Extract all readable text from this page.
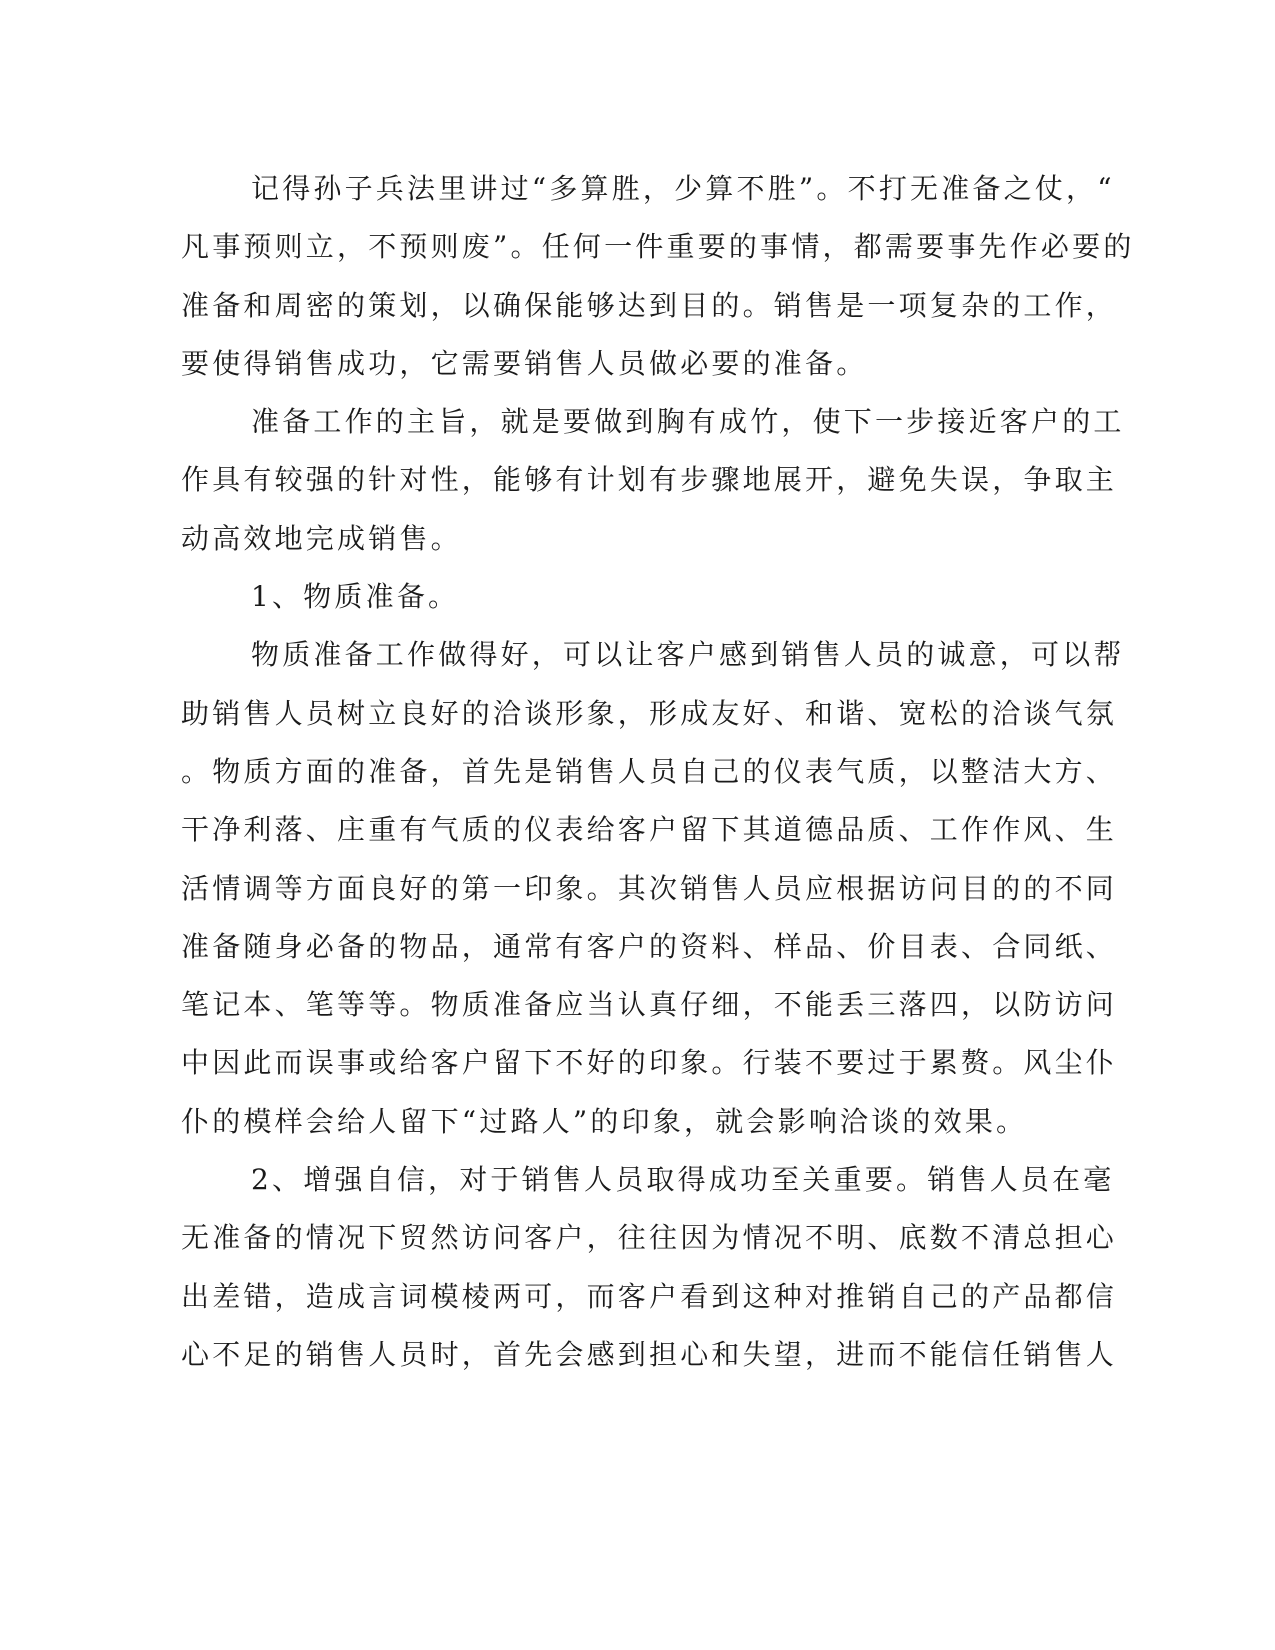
记得孙子兵法里讲过“多算胜，少算不胜”。不打无准备之仗，“
凡事预则立，不预则废”。任何一件重要的事情，都需要事先作必要的
准备和周密的策划，以确保能够达到目的。销售是一项复杂的工作，
要使得销售成功，它需要销售人员做必要的准备。
准备工作的主旨，就是要做到胸有成竹，使下一步接近客户的工
作具有较强的针对性，能够有计划有步骤地展开，避免失误，争取主
动高效地完成销售。
1、物质准备。
物质准备工作做得好，可以让客户感到销售人员的诚意，可以帮
助销售人员树立良好的洽谈形象，形成友好、和谐、宽松的洽谈气氛
。物质方面的准备，首先是销售人员自己的仪表气质，以整洁大方、
干净利落、庄重有气质的仪表给客户留下其道德品质、工作作风、生
活情调等方面良好的第一印象。其次销售人员应根据访问目的的不同
准备随身必备的物品，通常有客户的资料、样品、价目表、合同纸、
笔记本、笔等等。物质准备应当认真仔细，不能丢三落四，以防访问
中因此而误事或给客户留下不好的印象。行装不要过于累赘。风尘仆
仆的模样会给人留下“过路人”的印象，就会影响洽谈的效果。
2、增强自信，对于销售人员取得成功至关重要。销售人员在毫
无准备的情况下贸然访问客户，往往因为情况不明、底数不清总担心
出差错，造成言词模棱两可，而客户看到这种对推销自己的产品都信
心不足的销售人员时，首先会感到担心和失望，进而不能信任销售人
